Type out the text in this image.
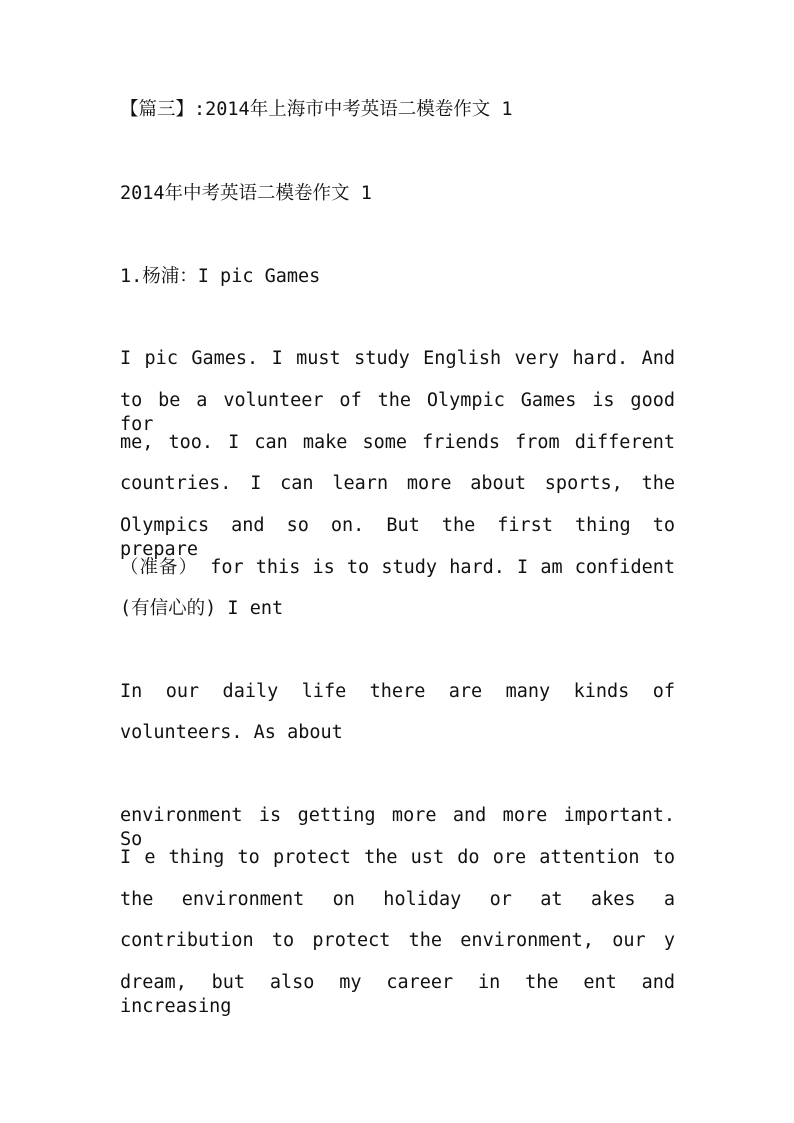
【篇三】:2014年上海市中考英语二模卷作文 1
2014年中考英语二模卷作文 1
1.杨浦：I pic Games
I pic Games. I must study English very hard. And
to be a volunteer of the Olympic Games is good for
me, too. I can make some friends from different
countries. I can learn more about sports, the
Olympics and so on. But the first thing to prepare
（准备） for this is to study hard. I am confident
(有信心的) I ent
In our daily life there are many kinds of
volunteers. As about
environment is getting more and more important. So
I e thing to protect the ust do ore attention to
the environment on holiday or at akes a
contribution to protect the environment, our y
dream, but also my career in the ent and increasing
